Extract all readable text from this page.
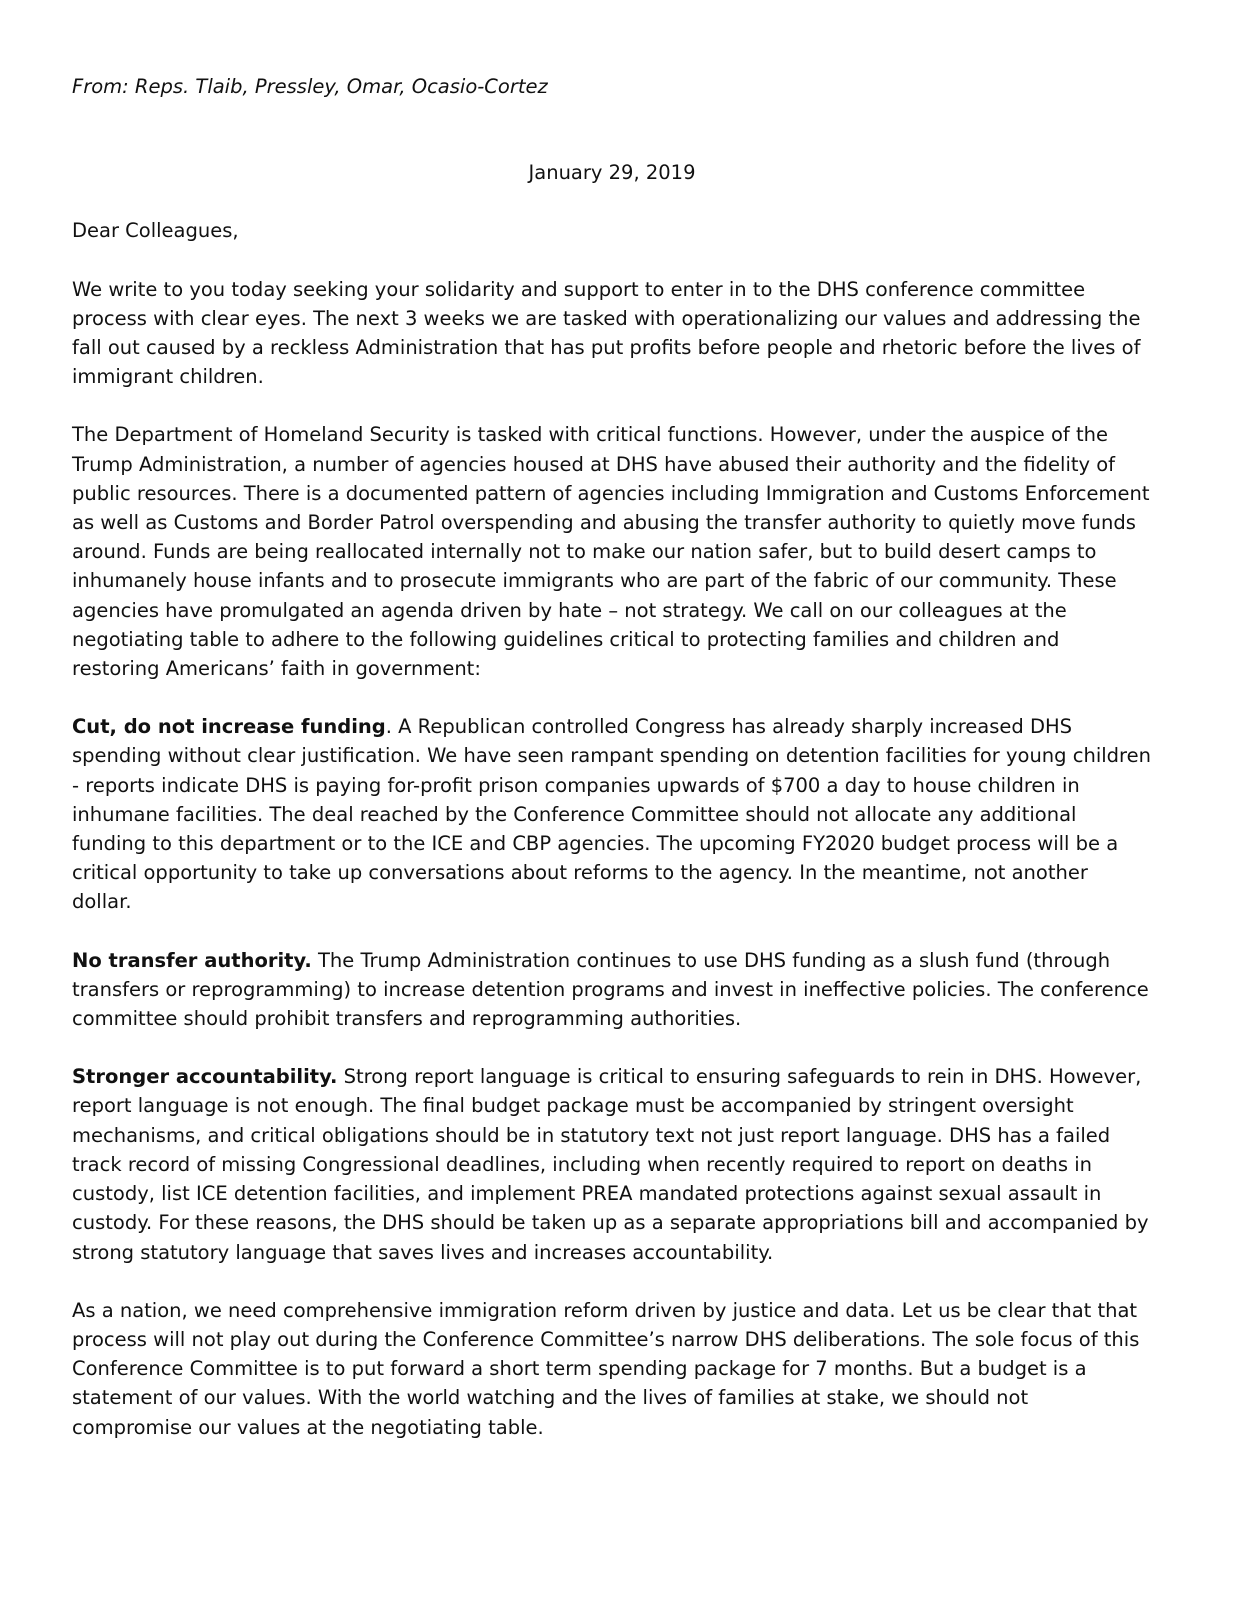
From: Reps. Tlaib, Pressley, Omar, Ocasio-Cortez

January 29, 2019

Dear Colleagues,

We write to you today seeking your solidarity and support to enter in to the DHS conference committee process with clear eyes. The next 3 weeks we are tasked with operationalizing our values and addressing the fall out caused by a reckless Administration that has put profits before people and rhetoric before the lives of immigrant children.

The Department of Homeland Security is tasked with critical functions. However, under the auspice of the Trump Administration, a number of agencies housed at DHS have abused their authority and the fidelity of public resources. There is a documented pattern of agencies including Immigration and Customs Enforcement as well as Customs and Border Patrol overspending and abusing the transfer authority to quietly move funds around. Funds are being reallocated internally not to make our nation safer, but to build desert camps to inhumanely house infants and to prosecute immigrants who are part of the fabric of our community. These agencies have promulgated an agenda driven by hate – not strategy. We call on our colleagues at the negotiating table to adhere to the following guidelines critical to protecting families and children and restoring Americans’ faith in government:

Cut, do not increase funding. A Republican controlled Congress has already sharply increased DHS spending without clear justification. We have seen rampant spending on detention facilities for young children - reports indicate DHS is paying for-profit prison companies upwards of $700 a day to house children in inhumane facilities. The deal reached by the Conference Committee should not allocate any additional funding to this department or to the ICE and CBP agencies. The upcoming FY2020 budget process will be a critical opportunity to take up conversations about reforms to the agency. In the meantime, not another dollar.

No transfer authority. The Trump Administration continues to use DHS funding as a slush fund (through transfers or reprogramming) to increase detention programs and invest in ineffective policies. The conference committee should prohibit transfers and reprogramming authorities.

Stronger accountability. Strong report language is critical to ensuring safeguards to rein in DHS. However, report language is not enough. The final budget package must be accompanied by stringent oversight mechanisms, and critical obligations should be in statutory text not just report language. DHS has a failed track record of missing Congressional deadlines, including when recently required to report on deaths in custody, list ICE detention facilities, and implement PREA mandated protections against sexual assault in custody. For these reasons, the DHS should be taken up as a separate appropriations bill and accompanied by strong statutory language that saves lives and increases accountability.

As a nation, we need comprehensive immigration reform driven by justice and data. Let us be clear that that process will not play out during the Conference Committee’s narrow DHS deliberations. The sole focus of this Conference Committee is to put forward a short term spending package for 7 months. But a budget is a statement of our values. With the world watching and the lives of families at stake, we should not compromise our values at the negotiating table.
